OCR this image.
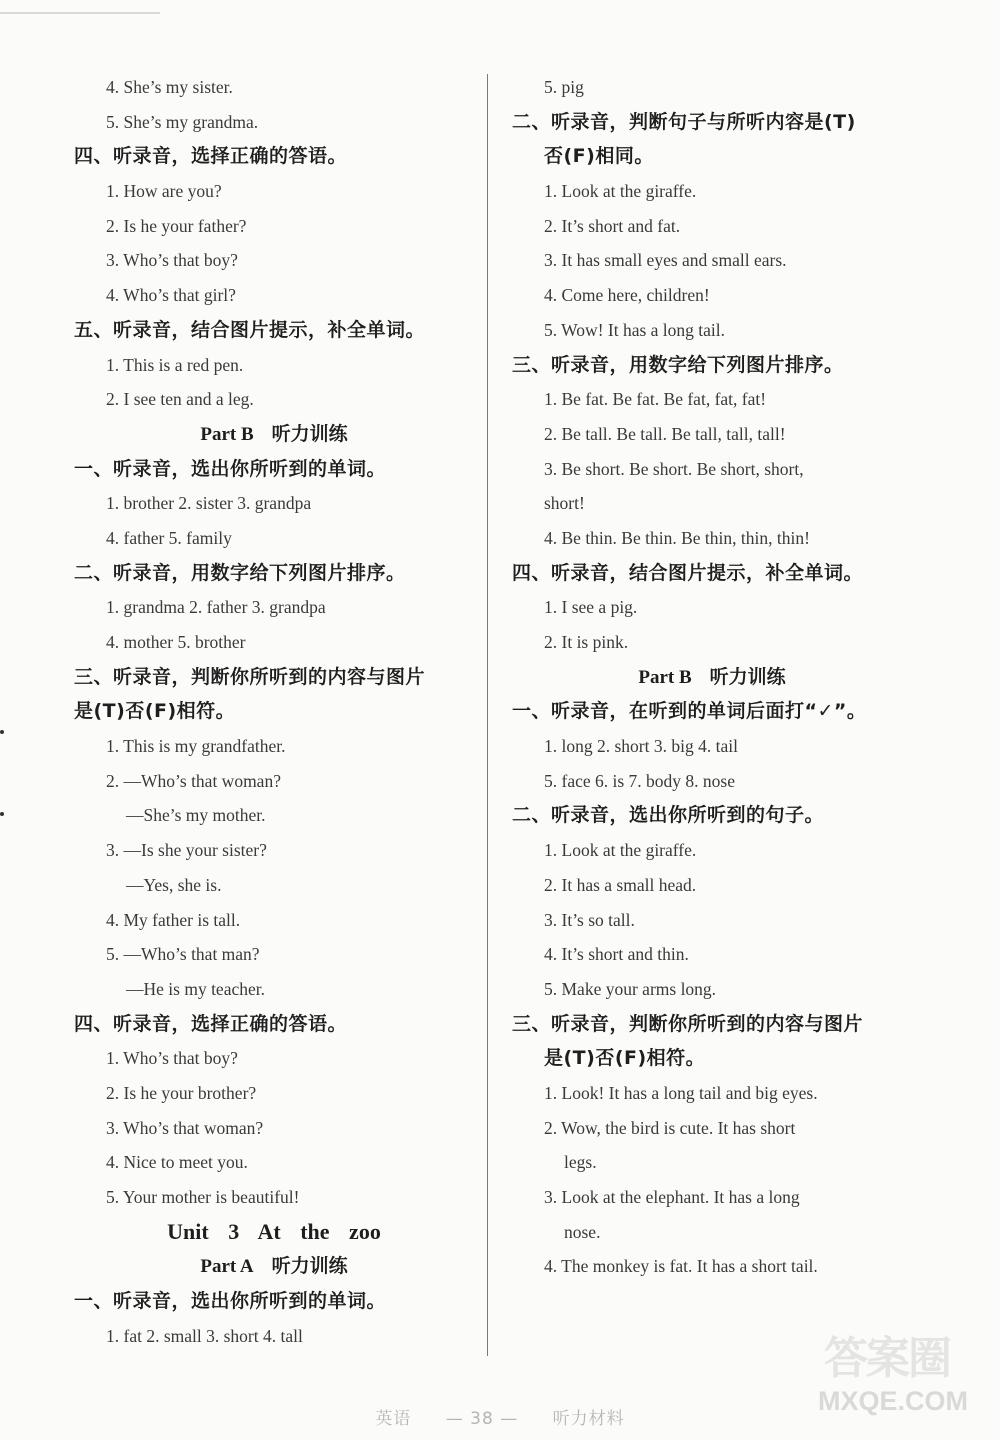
4. She’s my sister.
5. She’s my grandma.
四、听录音，选择正确的答语。
1. How are you?
2. Is he your father?
3. Who’s that boy?
4. Who’s that girl?
五、听录音，结合图片提示，补全单词。
1. This is a red pen.
2. I see ten and a leg.
Part B 听力训练
一、听录音，选出你所听到的单词。
1. brother 2. sister 3. grandpa
4. father 5. family
二、听录音，用数字给下列图片排序。
1. grandma 2. father 3. grandpa
4. mother 5. brother
三、听录音，判断你所听到的内容与图片
是(T)否(F)相符。
1. This is my grandfather.
2. —Who’s that woman?
—She’s my mother.
3. —Is she your sister?
—Yes, she is.
4. My father is tall.
5. —Who’s that man?
—He is my teacher.
四、听录音，选择正确的答语。
1. Who’s that boy?
2. Is he your brother?
3. Who’s that woman?
4. Nice to meet you.
5. Your mother is beautiful!
Unit 3 At the zoo
Part A 听力训练
一、听录音，选出你所听到的单词。
1. fat 2. small 3. short 4. tall
5. pig
二、听录音，判断句子与所听内容是(T)
否(F)相同。
1. Look at the giraffe.
2. It’s short and fat.
3. It has small eyes and small ears.
4. Come here, children!
5. Wow! It has a long tail.
三、听录音，用数字给下列图片排序。
1. Be fat. Be fat. Be fat, fat, fat!
2. Be tall. Be tall. Be tall, tall, tall!
3. Be short. Be short. Be short, short,
short!
4. Be thin. Be thin. Be thin, thin, thin!
四、听录音，结合图片提示，补全单词。
1. I see a pig.
2. It is pink.
Part B 听力训练
一、听录音，在听到的单词后面打“✓”。
1. long 2. short 3. big 4. tail
5. face 6. is 7. body 8. nose
二、听录音，选出你所听到的句子。
1. Look at the giraffe.
2. It has a small head.
3. It’s so tall.
4. It’s short and thin.
5. Make your arms long.
三、听录音，判断你所听到的内容与图片
是(T)否(F)相符。
1. Look! It has a long tail and big eyes.
2. Wow, the bird is cute. It has short
legs.
3. Look at the elephant. It has a long
nose.
4. The monkey is fat. It has a short tail.
英语 — 38 — 听力材料
答案圈
MXQE.COM
